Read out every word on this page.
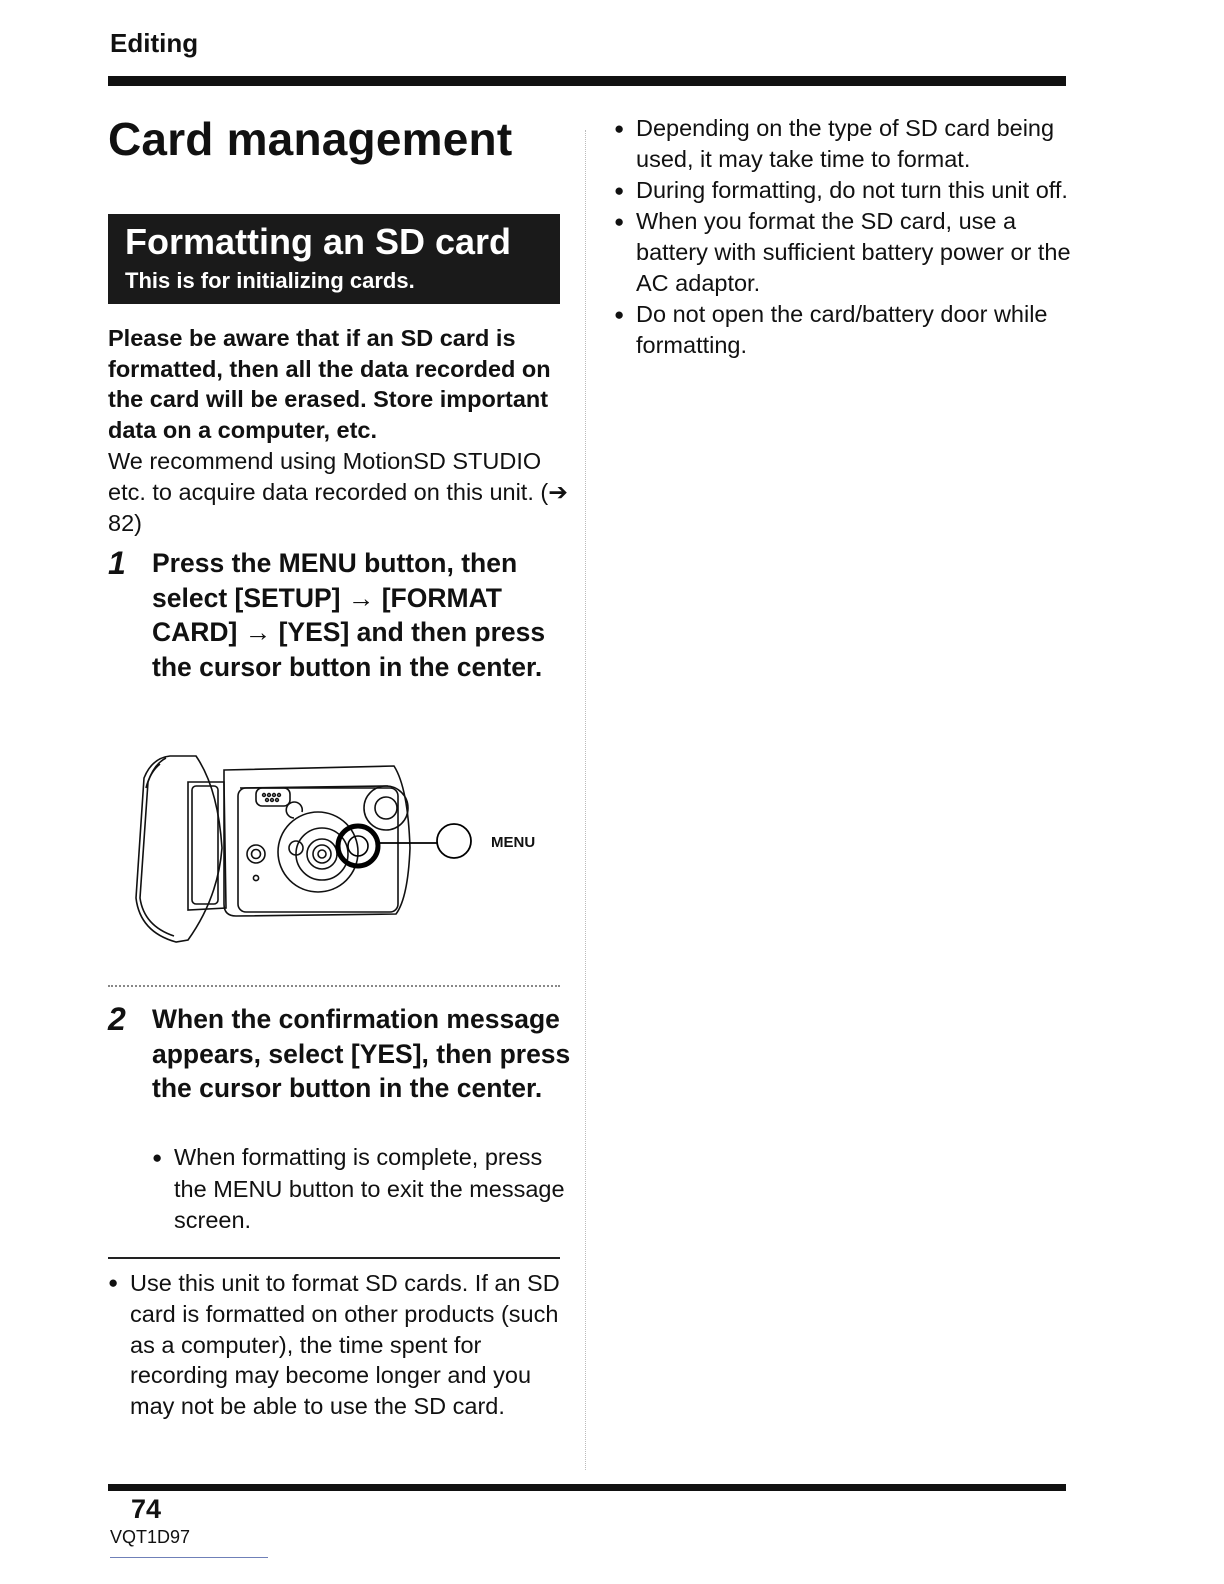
Editing
Card management
Formatting an SD card
This is for initializing cards.
Please be aware that if an SD card is formatted, then all the data recorded on the card will be erased. Store important data on a computer, etc.
We recommend using MotionSD STUDIO etc. to acquire data recorded on this unit. (➔ 82)
1 Press the MENU button, then select [SETUP] → [FORMAT CARD] → [YES] and then press the cursor button in the center.
MENU
2 When the confirmation message appears, select [YES], then press the cursor button in the center.
● When formatting is complete, press the MENU button to exit the message screen.
● Use this unit to format SD cards. If an SD card is formatted on other products (such as a computer), the time spent for recording may become longer and you may not be able to use the SD card.
● Depending on the type of SD card being used, it may take time to format.
● During formatting, do not turn this unit off.
● When you format the SD card, use a battery with sufficient battery power or the AC adaptor.
● Do not open the card/battery door while formatting.
74
VQT1D97
